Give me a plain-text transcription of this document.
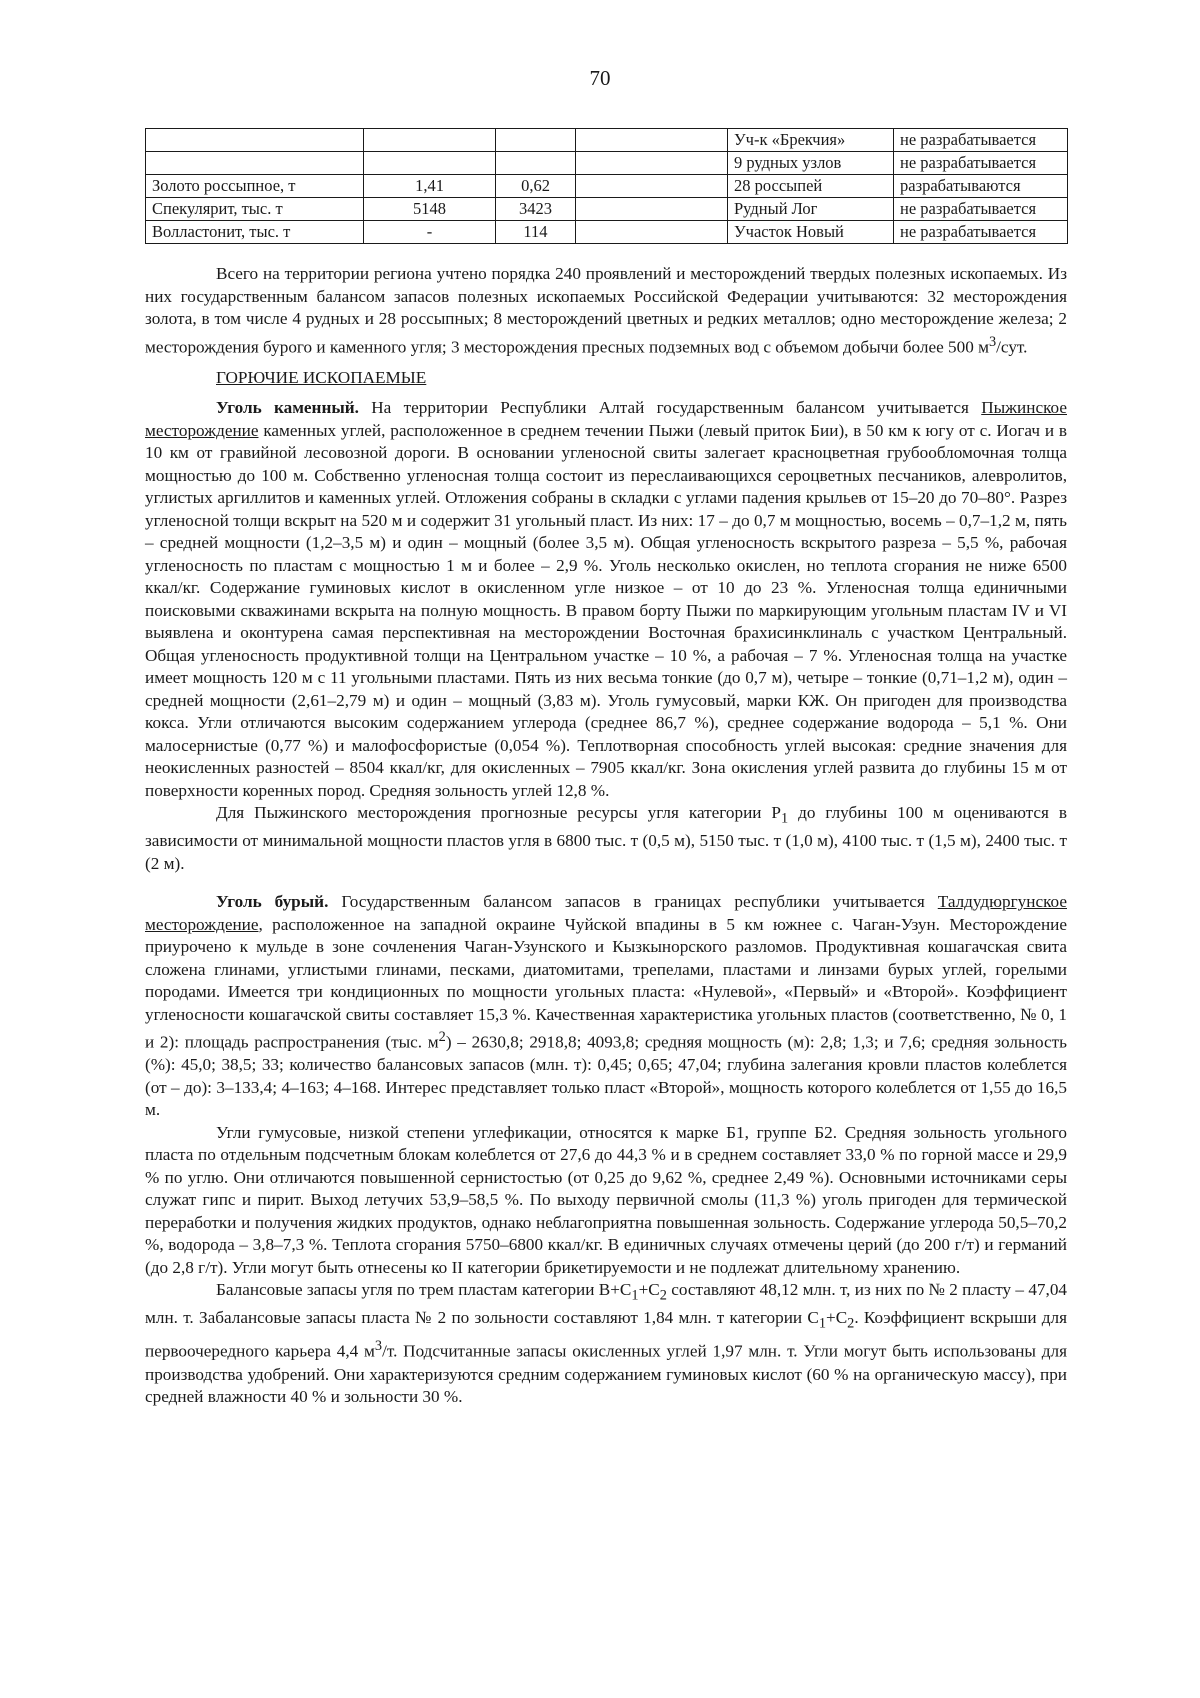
70
				Уч-к «Брекчия»	не разрабатывается
				9 рудных узлов	не разрабатывается
Золото россыпное, т	1,41	0,62		28 россыпей	разрабатываются
Спекулярит, тыс. т	5148	3423		Рудный Лог	не разрабатывается
Волластонит, тыс. т	-	114		Участок Новый	не разрабатывается

Всего на территории региона учтено порядка 240 проявлений и месторождений твердых полезных ископаемых. Из них государственным балансом запасов полезных ископаемых Российской Федерации учитываются: 32 месторождения золота, в том числе 4 рудных и 28 россыпных; 8 месторождений цветных и редких металлов; одно месторождение железа; 2 месторождения бурого и каменного угля; 3 месторождения пресных подземных вод с объемом добычи более 500 $м^3$/сут.

ГОРЮЧИЕ ИСКОПАЕМЫЕ

Уголь каменный. На территории Республики Алтай государственным балансом учитывается Пыжинское месторождение каменных углей, расположенное в среднем течении Пыжи (левый приток Бии), в 50 км к югу от с. Иогач и в 10 км от гравийной лесовозной дороги. В основании угленосной свиты залегает красноцветная грубообломочная толща мощностью до 100 м. Собственно угленосная толща состоит из переслаивающихся сероцветных песчаников, алевролитов, углистых аргиллитов и каменных углей. Отложения собраны в складки с углами падения крыльев от 15–20 до 70–80°. Разрез угленосной толщи вскрыт на 520 м и содержит 31 угольный пласт. Из них: 17 – до 0,7 м мощностью, восемь – 0,7–1,2 м, пять – средней мощности (1,2–3,5 м) и один – мощный (более 3,5 м). Общая угленосность вскрытого разреза – 5,5 %, рабочая угленосность по пластам с мощностью 1 м и более – 2,9 %. Уголь несколько окислен, но теплота сгорания не ниже 6500 ккал/кг. Содержание гуминовых кислот в окисленном угле низкое – от 10 до 23 %. Угленосная толща единичными поисковыми скважинами вскрыта на полную мощность. В правом борту Пыжи по маркирующим угольным пластам IV и VI выявлена и оконтурена самая перспективная на месторождении Восточная брахисинклиналь с участком Центральный. Общая угленосность продуктивной толщи на Центральном участке – 10 %, а рабочая – 7 %. Угленосная толща на участке имеет мощность 120 м с 11 угольными пластами. Пять из них весьма тонкие (до 0,7 м), четыре – тонкие (0,71–1,2 м), один – средней мощности (2,61–2,79 м) и один – мощный (3,83 м). Уголь гумусовый, марки КЖ. Он пригоден для производства кокса. Угли отличаются высоким содержанием углерода (среднее 86,7 %), среднее содержание водорода – 5,1 %. Они малосернистые (0,77 %) и малофосфористые (0,054 %). Теплотворная способность углей высокая: средние значения для неокисленных разностей – 8504 ккал/кг, для окисленных – 7905 ккал/кг. Зона окисления углей развита до глубины 15 м от поверхности коренных пород. Средняя зольность углей 12,8 %.

Для Пыжинского месторождения прогнозные ресурсы угля категории $Р_1$ до глубины 100 м оцениваются в зависимости от минимальной мощности пластов угля в 6800 тыс. т (0,5 м), 5150 тыс. т (1,0 м), 4100 тыс. т (1,5 м), 2400 тыс. т (2 м).

Уголь бурый. Государственным балансом запасов в границах республики учитывается Талдудюргунское месторождение, расположенное на западной окраине Чуйской впадины в 5 км южнее с. Чаган-Узун. Месторождение приурочено к мульде в зоне сочленения Чаган-Узунского и Кызкынорского разломов. Продуктивная кошагачская свита сложена глинами, углистыми глинами, песками, диатомитами, трепелами, пластами и линзами бурых углей, горелыми породами. Имеется три кондиционных по мощности угольных пласта: «Нулевой», «Первый» и «Второй». Коэффициент угленосности кошагачской свиты составляет 15,3 %. Качественная характеристика угольных пластов (соответственно, № 0, 1 и 2): площадь распространения (тыс. $м^2) - 2630,8$; 2918,8; 4093,8; средняя мощность (м): 2,8; 1,3; и 7,6; средняя зольность (%): 45,0; 38,5; 33; количество балансовых запасов (млн. т): 0,45; 0,65; 47,04; глубина залегания кровли пластов колеблется (от – до): 3–133,4; 4–163; 4–168. Интерес представляет только пласт «Второй», мощность которого колеблется от 1,55 до 16,5 м.

Угли гумусовые, низкой степени углефикации, относятся к марке Б1, группе Б2. Средняя зольность угольного пласта по отдельным подсчетным блокам колеблется от 27,6 до 44,3 % и в среднем составляет 33,0 % по горной массе и 29,9 % по углю. Они отличаются повышенной сернистостью (от 0,25 до 9,62 %, среднее 2,49 %). Основными источниками серы служат гипс и пирит. Выход летучих 53,9–58,5 %. По выходу первичной смолы (11,3 %) уголь пригоден для термической переработки и получения жидких продуктов, однако неблагоприятна повышенная зольность. Содержание углерода 50,5–70,2 %, водорода – 3,8–7,3 %. Теплота сгорания 5750–6800 ккал/кг. В единичных случаях отмечены церий (до 200 г/т) и германий (до 2,8 г/т). Угли могут быть отнесены ко II категории брикетируемости и не подлежат длительному хранению.

Балансовые запасы угля по трем пластам категории $В+С_1+С_2$ составляют 48,12 млн. т, из них по № 2 пласту – 47,04 млн. т. Забалансовые запасы пласта № 2 по зольности составляют 1,84 млн. т категории $С_1+С_2$. Коэффициент вскрыши для первоочередного карьера 4,4 $м^3/т$. Подсчитанные запасы окисленных углей 1,97 млн. т. Угли могут быть использованы для производства удобрений. Они характеризуются средним содержанием гуминовых кислот (60 % на органическую массу), при средней влажности 40 % и зольности 30 %.
